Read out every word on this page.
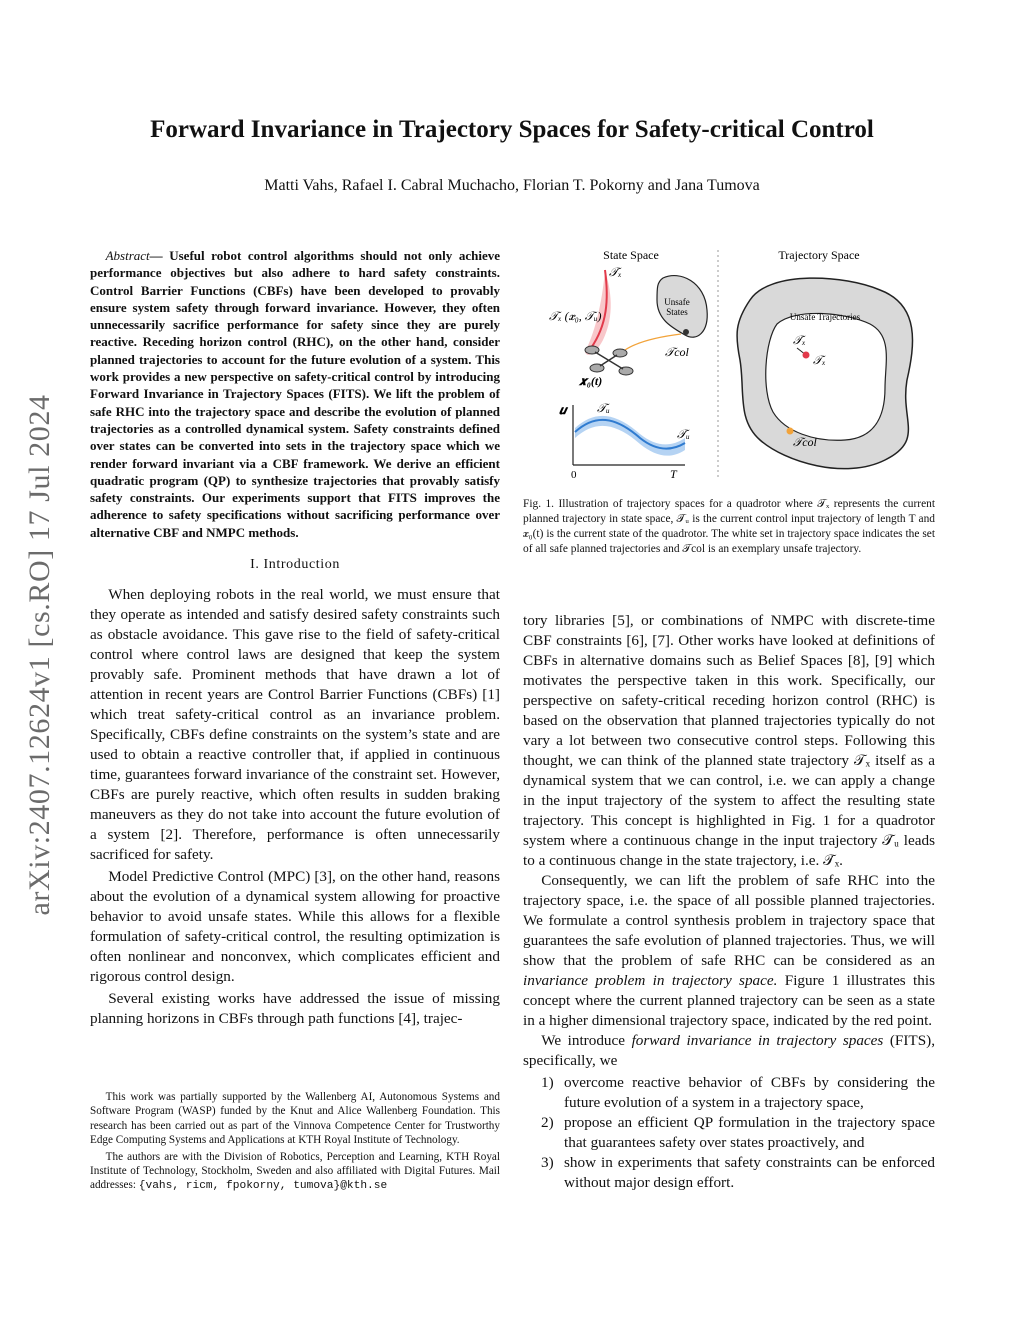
arXiv:2407.12624v1 [cs.RO] 17 Jul 2024
Forward Invariance in Trajectory Spaces for Safety-critical Control

Matti Vahs, Rafael I. Cabral Muchacho, Florian T. Pokorny and Jana Tumova

Abstract— Useful robot control algorithms should not only achieve performance objectives but also adhere to hard safety constraints. Control Barrier Functions (CBFs) have been developed to provably ensure system safety through forward invariance. However, they often unnecessarily sacrifice performance for safety since they are purely reactive. Receding horizon control (RHC), on the other hand, consider planned trajectories to account for the future evolution of a system. This work provides a new perspective on safety-critical control by introducing Forward Invariance in Trajectory Spaces (FITS). We lift the problem of safe RHC into the trajectory space and describe the evolution of planned trajectories as a controlled dynamical system. Safety constraints defined over states can be converted into sets in the trajectory space which we render forward invariant via a CBF framework. We derive an efficient quadratic program (QP) to synthesize trajectories that provably satisfy safety constraints. Our experiments support that FITS improves the adherence to safety specifications without sacrificing performance over alternative CBF and NMPC methods.

I. Introduction

When deploying robots in the real world, we must ensure that they operate as intended and satisfy desired safety constraints such as obstacle avoidance. This gave rise to the field of safety-critical control where control laws are designed that keep the system provably safe. Prominent methods that have drawn a lot of attention in recent years are Control Barrier Functions (CBFs) [1] which treat safety-critical control as an invariance problem. Specifically, CBFs define constraints on the system’s state and are used to obtain a reactive controller that, if applied in continuous time, guarantees forward invariance of the constraint set. However, CBFs are purely reactive, which often results in sudden braking maneuvers as they do not take into account the future evolution of a system [2]. Therefore, performance is often unnecessarily sacrificed for safety.

Model Predictive Control (MPC) [3], on the other hand, reasons about the evolution of a dynamical system allowing for proactive behavior to avoid unsafe states. While this allows for a flexible formulation of safety-critical control, the resulting optimization is often nonlinear and nonconvex, which complicates efficient and rigorous control design.

Several existing works have addressed the issue of missing planning horizons in CBFs through path functions [4], trajec-

This work was partially supported by the Wallenberg AI, Autonomous Systems and Software Program (WASP) funded by the Knut and Alice Wallenberg Foundation. This research has been carried out as part of the Vinnova Competence Center for Trustworthy Edge Computing Systems and Applications at KTH Royal Institute of Technology.

The authors are with the Division of Robotics, Perception and Learning, KTH Royal Institute of Technology, Stockholm, Sweden and also affiliated with Digital Futures. Mail addresses: {vahs, ricm, fpokorny, tumova}@kth.se

State Space	Trajectory Space
𝒯̇ₓ
𝒯ₓ (𝒙₀, 𝒯ᵤ)
Unsafe
States
𝒯col
𝒙₀(t)
𝒖	𝒯ᵤ
𝒯̇ᵤ
0	T
Unsafe Trajectories
𝒯̇ₓ
𝒯ₓ
𝒯col
Fig. 1. Illustration of trajectory spaces for a quadrotor where 𝒯ₓ represents the current planned trajectory in state space, 𝒯̇ᵤ is the current control input trajectory of length T and 𝒙₀(t) is the current state of the quadrotor. The white set in trajectory space indicates the set of all safe planned trajectories and 𝒯col is an exemplary unsafe trajectory.

tory libraries [5], or combinations of NMPC with discrete-time CBF constraints [6], [7]. Other works have looked at definitions of CBFs in alternative domains such as Belief Spaces [8], [9] which motivates the perspective taken in this work. Specifically, our perspective on safety-critical receding horizon control (RHC) is based on the observation that planned trajectories typically do not vary a lot between two consecutive control steps. Following this thought, we can think of the planned state trajectory 𝒯ₓ itself as a dynamical system that we can control, i.e. we can apply a change in the input trajectory of the system to affect the resulting state trajectory. This concept is highlighted in Fig. 1 for a quadrotor system where a continuous change in the input trajectory 𝒯̇ᵤ leads to a continuous change in the state trajectory, i.e. 𝒯̇ₓ.

Consequently, we can lift the problem of safe RHC into the trajectory space, i.e. the space of all possible planned trajectories. We formulate a control synthesis problem in trajectory space that guarantees the safe evolution of planned trajectories. Thus, we will show that the problem of safe RHC can be considered as an invariance problem in trajectory space. Figure 1 illustrates this concept where the current planned trajectory can be seen as a state in a higher dimensional trajectory space, indicated by the red point.

We introduce forward invariance in trajectory spaces (FITS), specifically, we

1) overcome reactive behavior of CBFs by considering the future evolution of a system in a trajectory space,
2) propose an efficient QP formulation in the trajectory space that guarantees safety over states proactively, and
3) show in experiments that safety constraints can be enforced without major design effort.
